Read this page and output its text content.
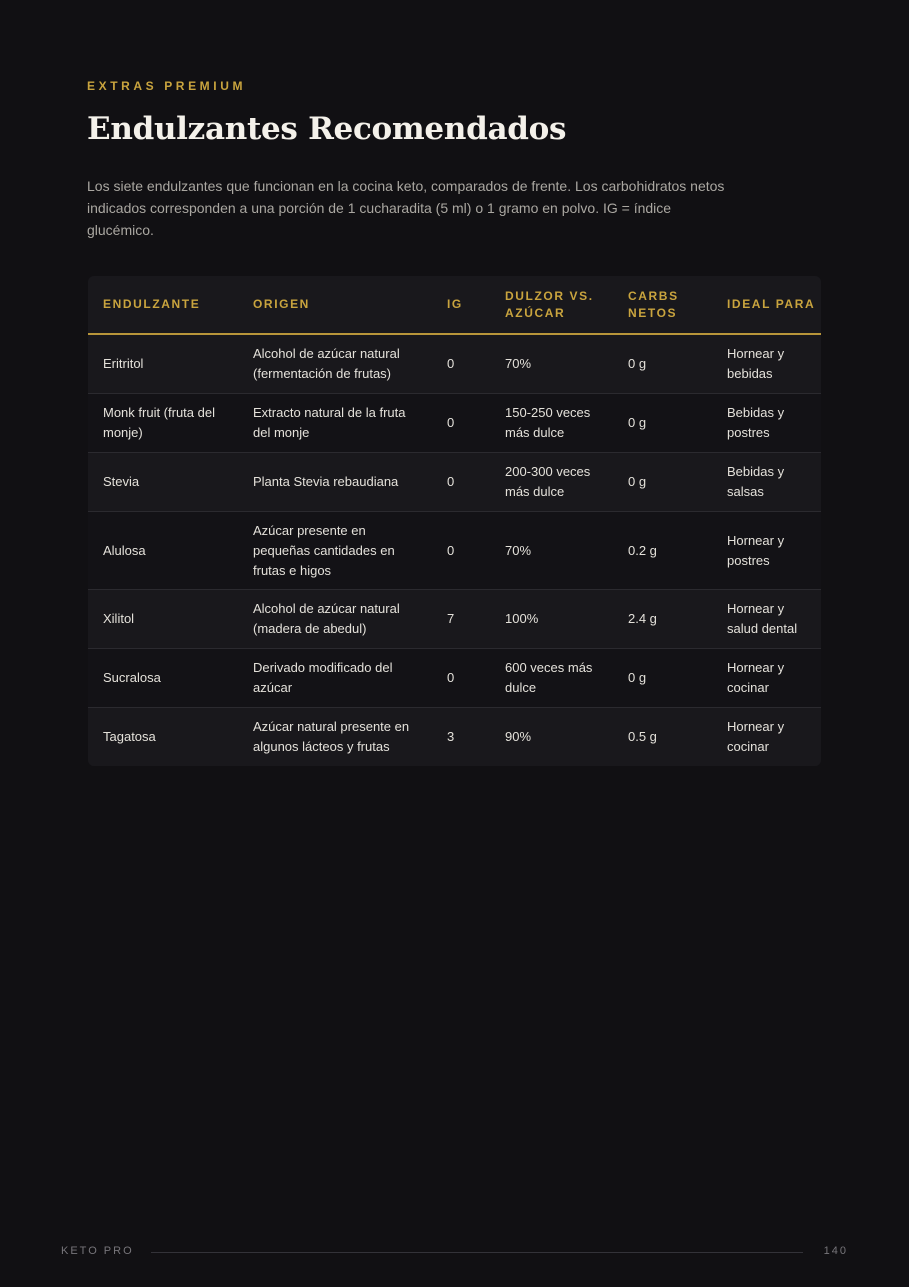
EXTRAS PREMIUM
Endulzantes Recomendados

Los siete endulzantes que funcionan en la cocina keto, comparados de frente. Los carbohidratos netos indicados corresponden a una porción de 1 cucharadita (5 ml) o 1 gramo en polvo. IG = índice glucémico.

ENDULZANTE	ORIGEN	IG	DULZOR VS. AZÚCAR	CARBS NETOS	IDEAL PARA
Eritritol	Alcohol de azúcar natural (fermentación de frutas)	0	70%	0 g	Hornear y bebidas
Monk fruit (fruta del monje)	Extracto natural de la fruta del monje	0	150-250 veces más dulce	0 g	Bebidas y postres
Stevia	Planta Stevia rebaudiana	0	200-300 veces más dulce	0 g	Bebidas y salsas
Alulosa	Azúcar presente en pequeñas cantidades en frutas e higos	0	70%	0.2 g	Hornear y postres
Xilitol	Alcohol de azúcar natural (madera de abedul)	7	100%	2.4 g	Hornear y salud dental
Sucralosa	Derivado modificado del azúcar	0	600 veces más dulce	0 g	Hornear y cocinar
Tagatosa	Azúcar natural presente en algunos lácteos y frutas	3	90%	0.5 g	Hornear y cocinar
KETO PRO	140
